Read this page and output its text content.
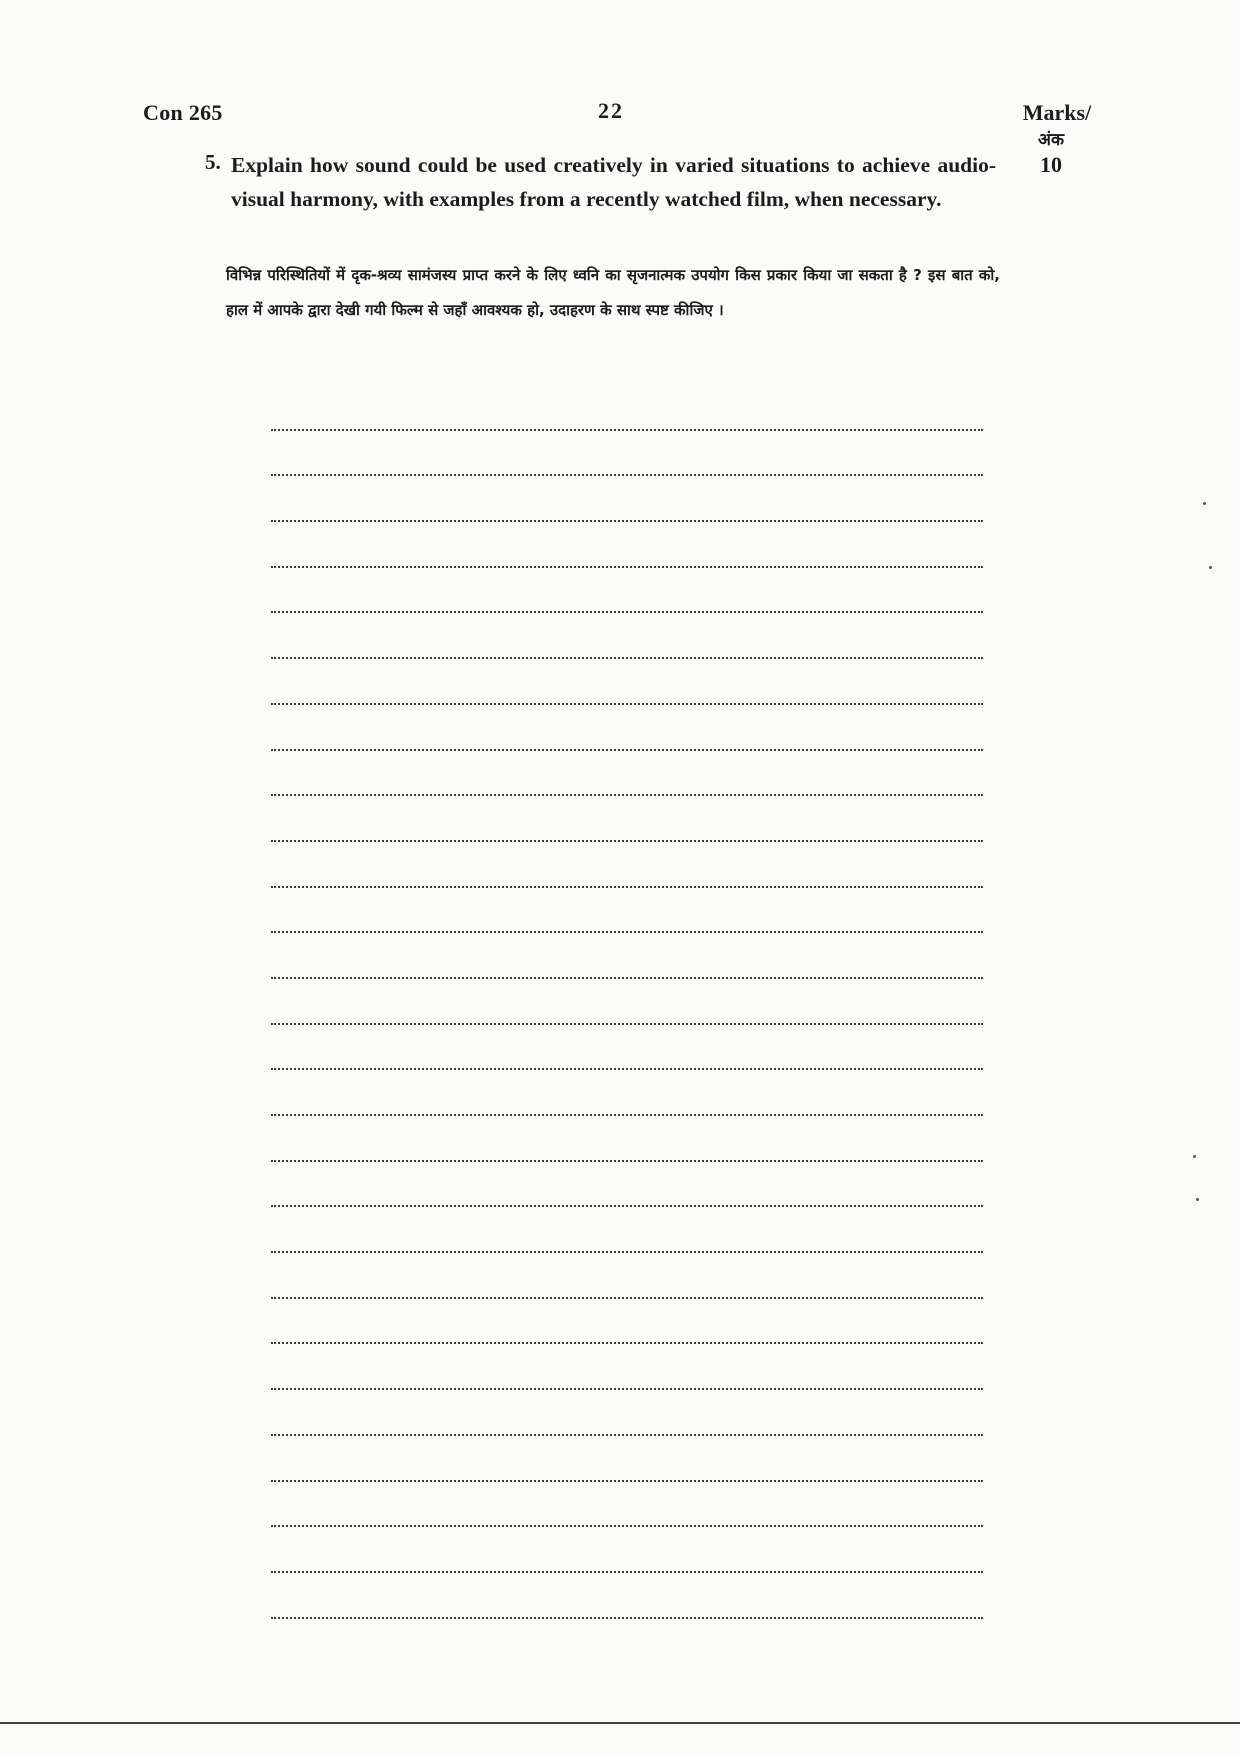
Con 265	22	Marks/
अंक
10
5. Explain how sound could be used creatively in varied situations to achieve audio-visual harmony, with examples from a recently watched film, when necessary.
विभिन्न परिस्थितियों में दृक-श्रव्य सामंजस्य प्राप्त करने के लिए ध्वनि का सृजनात्मक उपयोग किस प्रकार किया जा सकता है ? इस बात को, हाल में आपके द्वारा देखी गयी फिल्म से जहाँ आवश्यक हो, उदाहरण के साथ स्पष्ट कीजिए ।
